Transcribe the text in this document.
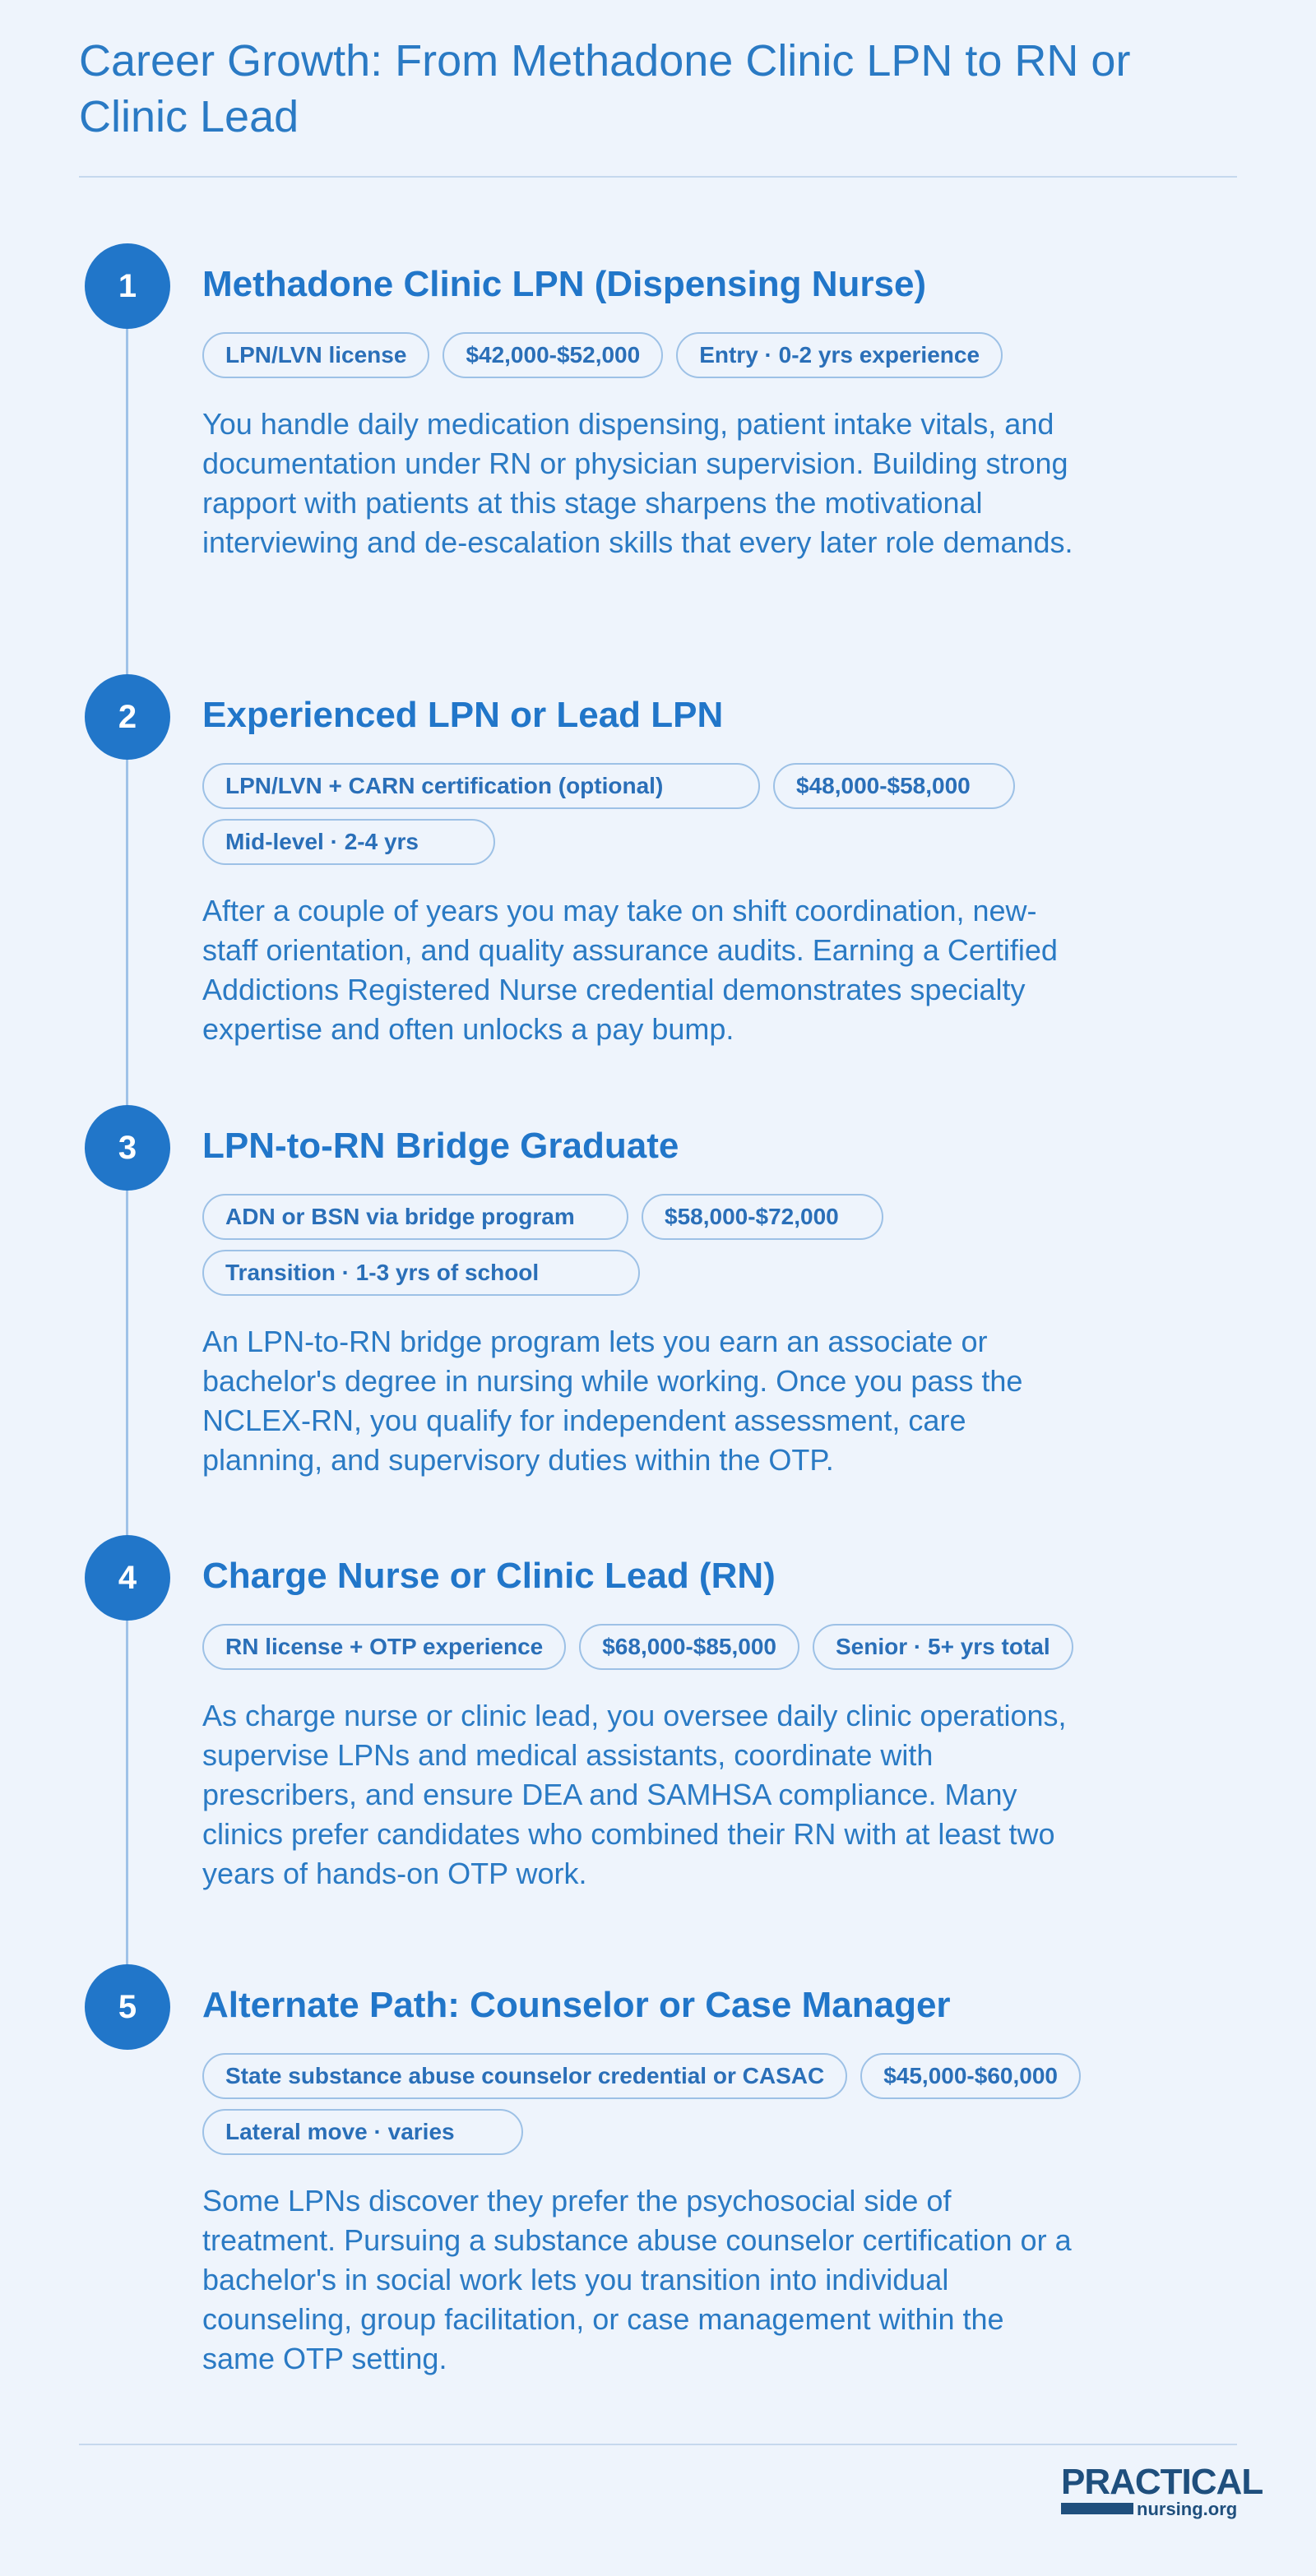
Career Growth: From Methadone Clinic LPN to RN or Clinic Lead
1	Methadone Clinic LPN (Dispensing Nurse)
LPN/LVN license	$42,000-$52,000	Entry · 0-2 yrs experience

You handle daily medication dispensing, patient intake vitals, and documentation under RN or physician supervision. Building strong rapport with patients at this stage sharpens the motivational interviewing and de-escalation skills that every later role demands.

2	Experienced LPN or Lead LPN
LPN/LVN + CARN certification (optional)	$48,000-$58,000
Mid-level · 2-4 yrs

After a couple of years you may take on shift coordination, new-staff orientation, and quality assurance audits. Earning a Certified Addictions Registered Nurse credential demonstrates specialty expertise and often unlocks a pay bump.

3	LPN-to-RN Bridge Graduate
ADN or BSN via bridge program	$58,000-$72,000
Transition · 1-3 yrs of school

An LPN-to-RN bridge program lets you earn an associate or bachelor's degree in nursing while working. Once you pass the NCLEX-RN, you qualify for independent assessment, care planning, and supervisory duties within the OTP.

4	Charge Nurse or Clinic Lead (RN)
RN license + OTP experience	$68,000-$85,000	Senior · 5+ yrs total

As charge nurse or clinic lead, you oversee daily clinic operations, supervise LPNs and medical assistants, coordinate with prescribers, and ensure DEA and SAMHSA compliance. Many clinics prefer candidates who combined their RN with at least two years of hands-on OTP work.

5	Alternate Path: Counselor or Case Manager
State substance abuse counselor credential or CASAC	$45,000-$60,000
Lateral move · varies

Some LPNs discover they prefer the psychosocial side of treatment. Pursuing a substance abuse counselor certification or a bachelor's in social work lets you transition into individual counseling, group facilitation, or case management within the same OTP setting.

PRACTICAL
nursing.org
